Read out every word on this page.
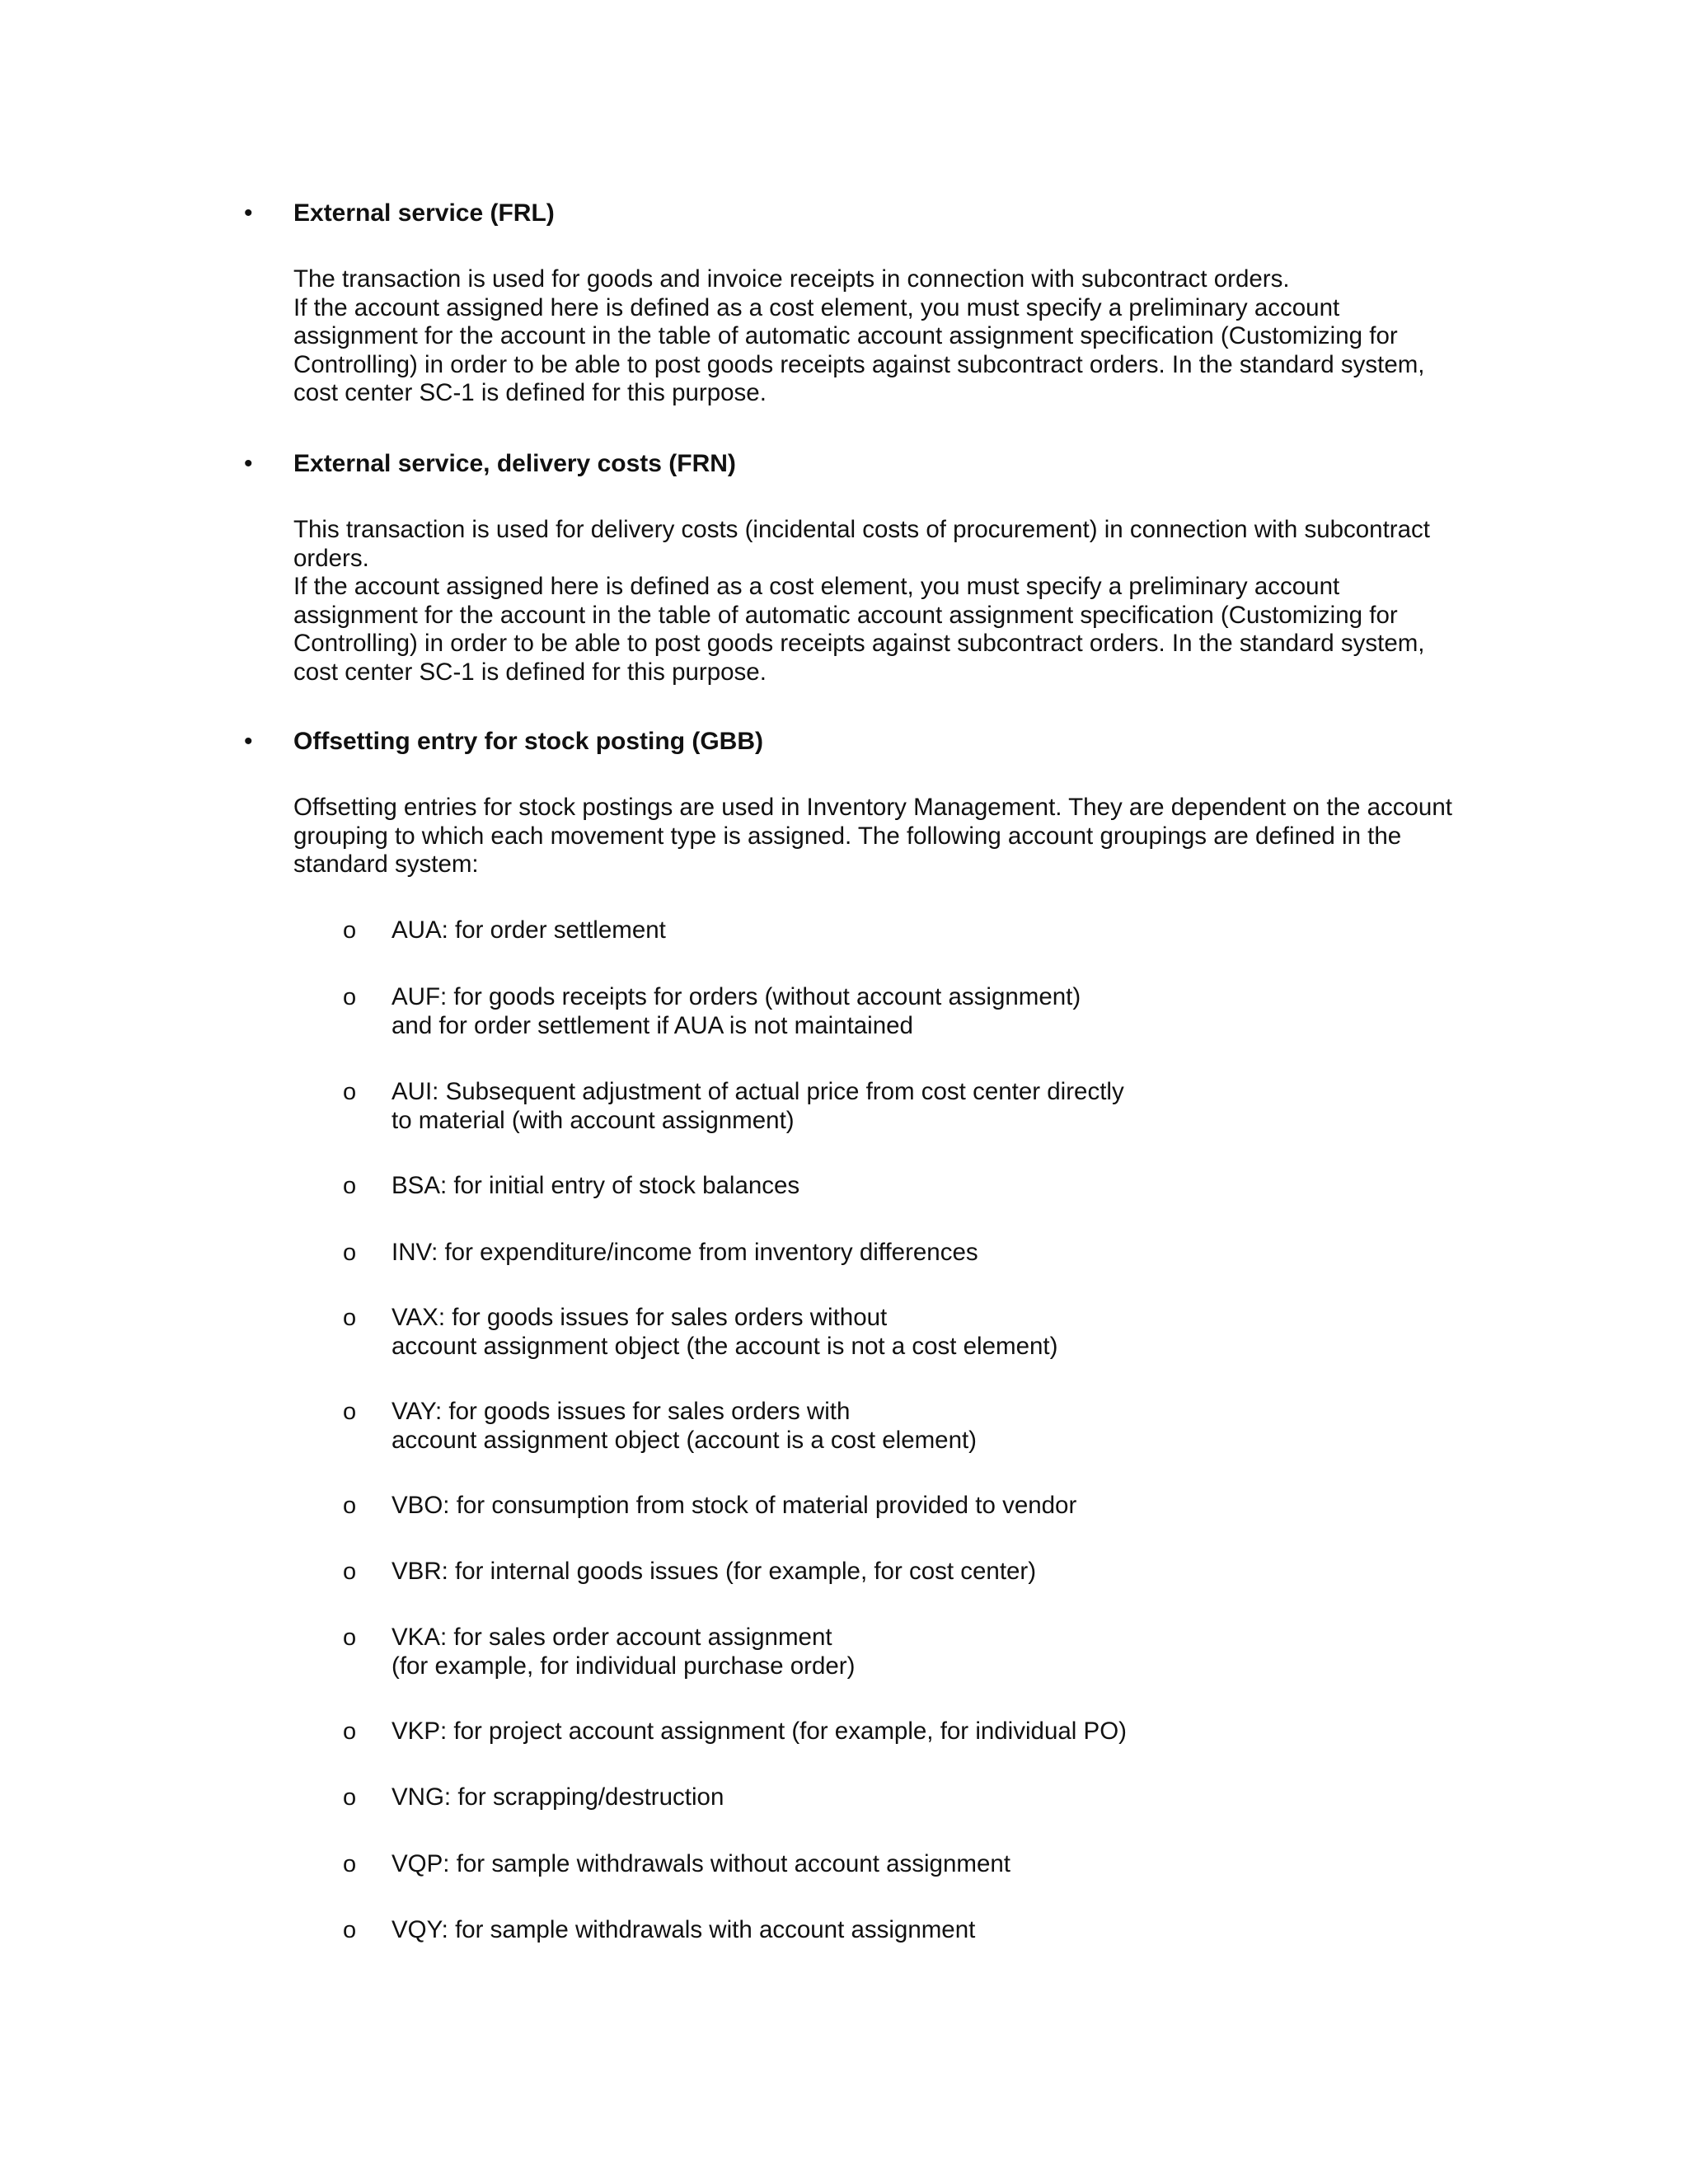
• External service (FRL)

The transaction is used for goods and invoice receipts in connection with subcontract orders.

If the account assigned here is defined as a cost element, you must specify a preliminary account assignment for the account in the table of automatic account assignment specification (Customizing for Controlling) in order to be able to post goods receipts against subcontract orders. In the standard system, cost center SC-1 is defined for this purpose.

• External service, delivery costs (FRN)

This transaction is used for delivery costs (incidental costs of procurement) in connection with subcontract orders.

If the account assigned here is defined as a cost element, you must specify a preliminary account assignment for the account in the table of automatic account assignment specification (Customizing for Controlling) in order to be able to post goods receipts against subcontract orders. In the standard system, cost center SC-1 is defined for this purpose.

• Offsetting entry for stock posting (GBB)

Offsetting entries for stock postings are used in Inventory Management. They are dependent on the account grouping to which each movement type is assigned. The following account groupings are defined in the standard system:

o AUA: for order settlement
o AUF: for goods receipts for orders (without account assignment)
and for order settlement if AUA is not maintained
o AUI: Subsequent adjustment of actual price from cost center directly
to material (with account assignment)
o BSA: for initial entry of stock balances
o INV: for expenditure/income from inventory differences
o VAX: for goods issues for sales orders without
account assignment object (the account is not a cost element)
o VAY: for goods issues for sales orders with
account assignment object (account is a cost element)
o VBO: for consumption from stock of material provided to vendor
o VBR: for internal goods issues (for example, for cost center)
o VKA: for sales order account assignment
(for example, for individual purchase order)
o VKP: for project account assignment (for example, for individual PO)
o VNG: for scrapping/destruction
o VQP: for sample withdrawals without account assignment
o VQY: for sample withdrawals with account assignment
